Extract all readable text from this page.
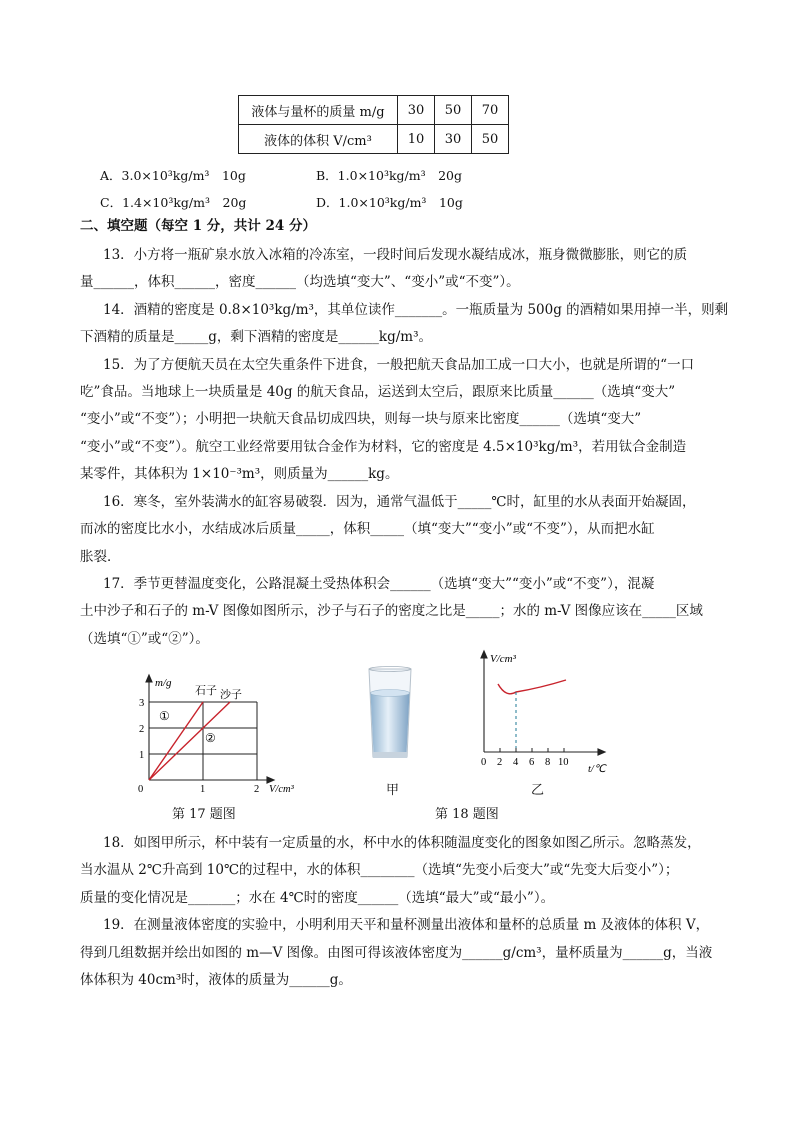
液体与量杯的质量 m/g	30	50	70
液体的体积 V/cm³	10	30	50
A．3.0×10³kg/m³　10g	B．1.0×10³kg/m³　20g
C．1.4×10³kg/m³　20g	D．1.0×10³kg/m³　10g
二、填空题（每空 1 分，共计 24 分）
13．小方将一瓶矿泉水放入冰箱的冷冻室，一段时间后发现水凝结成冰，瓶身微微膨胀，则它的质
量______，体积______，密度______（均选填“变大”、“变小”或“不变”）。
14．酒精的密度是 0.8×10³kg/m³，其单位读作_______。一瓶质量为 500g 的酒精如果用掉一半，则剩
下酒精的质量是_____g，剩下酒精的密度是______kg/m³。
15．为了方便航天员在太空失重条件下进食，一般把航天食品加工成一口大小，也就是所谓的“一口
吃”食品。当地球上一块质量是 40g 的航天食品，运送到太空后，跟原来比质量______（选填“变大”
“变小”或“不变”）；小明把一块航天食品切成四块，则每一块与原来比密度______（选填“变大”
“变小”或“不变”）。航空工业经常要用钛合金作为材料，它的密度是 4.5×10³kg/m³，若用钛合金制造
某零件，其体积为 1×10⁻³m³，则质量为______kg。
16．寒冬，室外装满水的缸容易破裂．因为，通常气温低于_____℃时，缸里的水从表面开始凝固，
而冰的密度比水小，水结成冰后质量_____，体积_____（填“变大”“变小”或“不变”），从而把水缸
胀裂．
17．季节更替温度变化，公路混凝土受热体积会______（选填“变大”“变小”或“不变”），混凝
土中沙子和石子的 m-V 图像如图所示，沙子与石子的密度之比是_____；水的 m-V 图像应该在_____区域
（选填“①”或“②”）。
m/g
3
2
1
0	1	2 V/cm³
石子 沙子
①
②
V/cm³
0 2 4 6 8 10
t/℃
甲	乙
第 17 题图	第 18 题图
18．如图甲所示，杯中装有一定质量的水，杯中水的体积随温度变化的图象如图乙所示。忽略蒸发，
当水温从 2℃升高到 10℃的过程中，水的体积________（选填“先变小后变大”或“先变大后变小”）；
质量的变化情况是_______；水在 4℃时的密度______（选填“最大”或“最小”）。
19．在测量液体密度的实验中，小明利用天平和量杯测量出液体和量杯的总质量 m 及液体的体积 V，
得到几组数据并绘出如图的 m—V 图像。由图可得该液体密度为______g/cm³，量杯质量为______g，当液
体体积为 40cm³时，液体的质量为______g。
